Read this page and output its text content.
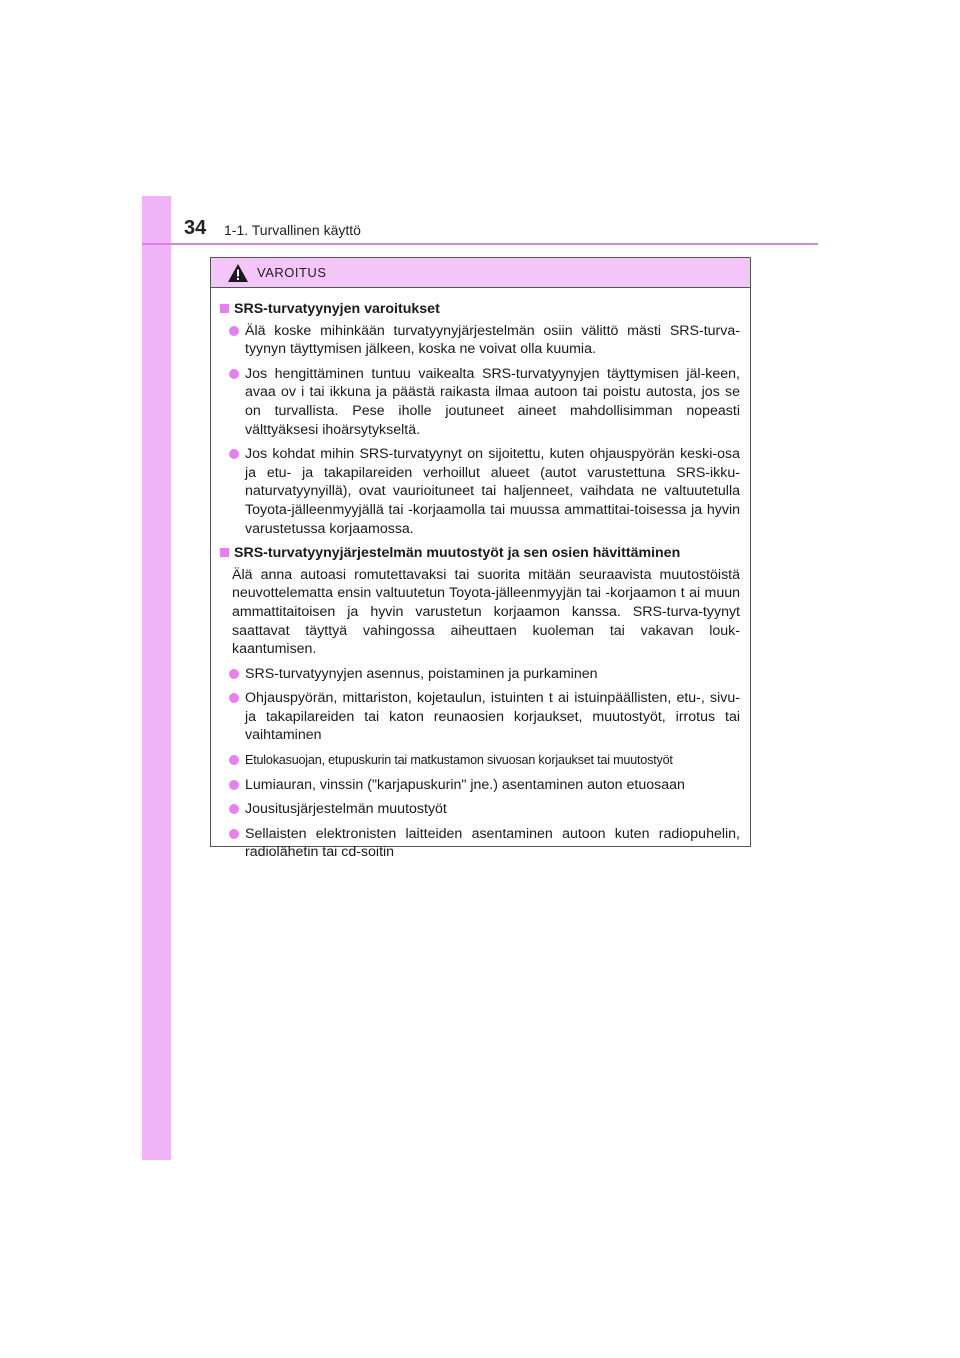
34 1-1. Turvallinen käyttö
VAROITUS
SRS-turvatyynyjen varoitukset
Älä koske mihinkään turvatyynyjärjestelmän osiin välittö mästi SRS-turva-tyynyn täyttymisen jälkeen, koska ne voivat olla kuumia.
Jos hengittäminen tuntuu vaikealta SRS-turvatyynyjen täyttymisen jäl-keen, avaa ov i tai ikkuna ja päästä raikasta ilmaa autoon tai poistu autosta, jos se on turvallista. Pese iholle joutuneet aineet mahdollisimman nopeasti välttyäksesi ihoärsytykseltä.
Jos kohdat mihin SRS-turvatyynyt on sijoitettu, kuten ohjauspyörän keski-osa ja etu- ja takapilareiden verhoillut alueet (autot varustettuna SRS-ikku-naturvatyynyillä), ovat vaurioituneet tai haljenneet, vaihdata ne valtuutetulla Toyota-jälleenmyyjällä tai -korjaamolla tai muussa ammattitai-toisessa ja hyvin varustetussa korjaamossa.
SRS-turvatyynyjärjestelmän muutostyöt ja sen osien hävittäminen
Älä anna autoasi romutettavaksi tai suorita mitään seuraavista muutostöistä neuvottelematta ensin valtuutetun Toyota-jälleenmyyjän tai -korjaamon t ai muun ammattitaitoisen ja hyvin varustetun korjaamon kanssa. SRS-turva-tyynyt saattavat täyttyä vahingossa aiheuttaen kuoleman tai vakavan louk-kaantumisen.
SRS-turvatyynyjen asennus, poistaminen ja purkaminen
Ohjauspyörän, mittariston, kojetaulun, istuinten t ai istuinpäällisten, etu-, sivu- ja takapilareiden tai katon reunaosien korjaukset, muutostyöt, irrotus tai vaihtaminen
Etulokasuojan, etupuskurin tai matkustamon sivuosan korjaukset tai muutostyöt
Lumiauran, vinssin ("karjapuskurin" jne.) asentaminen auton etuosaan
Jousitusjärjestelmän muutostyöt
Sellaisten elektronisten laitteiden asentaminen autoon kuten radiopuhelin, radiolähetin tai cd-soitin
